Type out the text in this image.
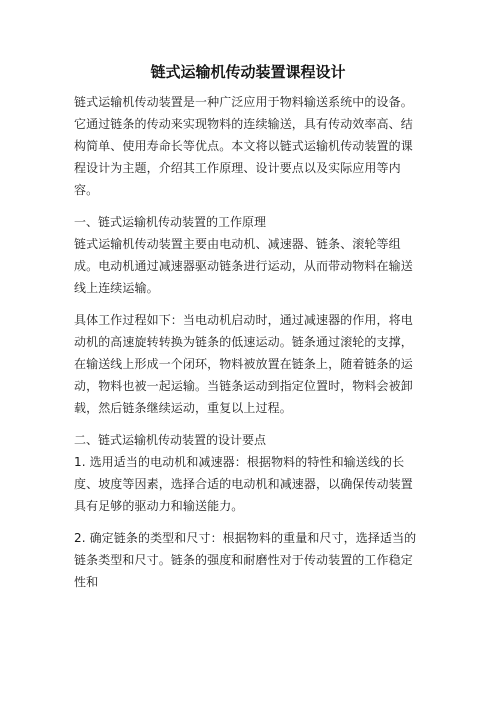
链式运输机传动装置课程设计

链式运输机传动装置是一种广泛应用于物料输送系统中的设备。它通过链条的传动来实现物料的连续输送，具有传动效率高、结构简单、使用寿命长等优点。本文将以链式运输机传动装置的课程设计为主题，介绍其工作原理、设计要点以及实际应用等内容。

一、链式运输机传动装置的工作原理

链式运输机传动装置主要由电动机、减速器、链条、滚轮等组成。电动机通过减速器驱动链条进行运动，从而带动物料在输送线上连续运输。

具体工作过程如下：当电动机启动时，通过减速器的作用，将电动机的高速旋转转换为链条的低速运动。链条通过滚轮的支撑，在输送线上形成一个闭环，物料被放置在链条上，随着链条的运动，物料也被一起运输。当链条运动到指定位置时，物料会被卸载，然后链条继续运动，重复以上过程。

二、链式运输机传动装置的设计要点

1. 选用适当的电动机和减速器：根据物料的特性和输送线的长度、坡度等因素，选择合适的电动机和减速器，以确保传动装置具有足够的驱动力和输送能力。

2. 确定链条的类型和尺寸：根据物料的重量和尺寸，选择适当的链条类型和尺寸。链条的强度和耐磨性对于传动装置的工作稳定性和
